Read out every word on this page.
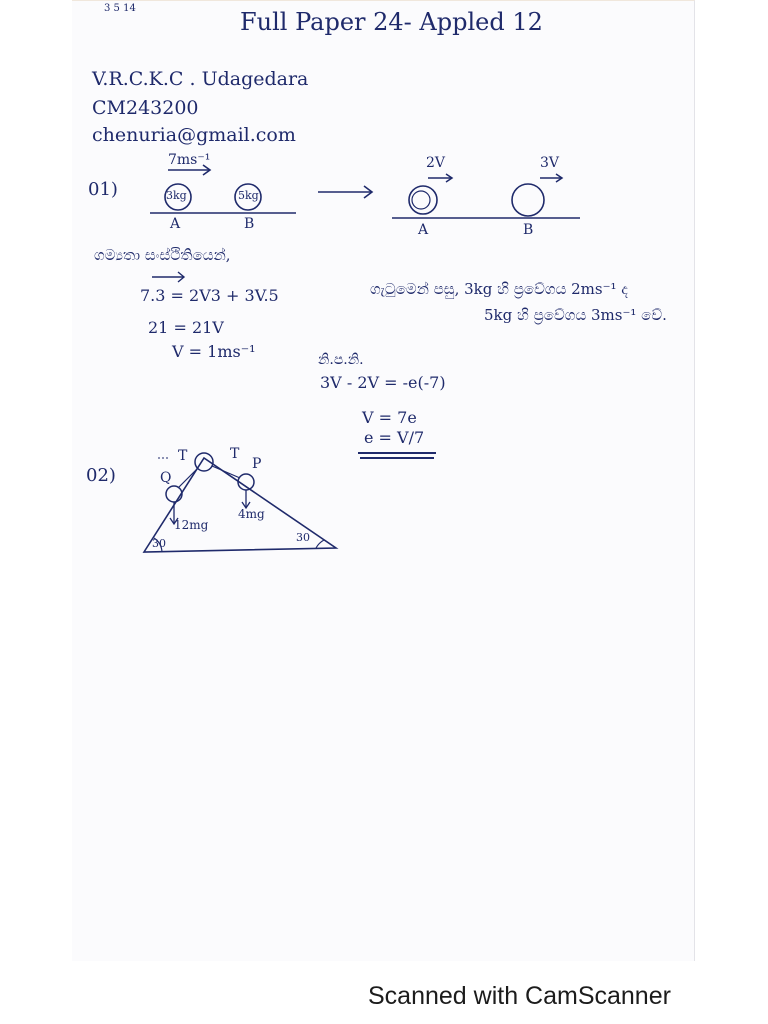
3 5 14	Full Paper 24- Appled 12
V.R.C.K.C . Udagedara
CM243200
chenuria@gmail.com
01)
7ms⁻¹
3kg	5kg
A	B
2V	3V
A	B
ගම්‍යතා සංස්ථිතියෙන්,
7.3 = 2V3 + 3V.5
21 = 21V
V = 1ms⁻¹
ගැටුමෙන් පසු, 3kg හි ප්‍රවේගය 2ms⁻¹ ද
5kg හි ප්‍රවේගය 3ms⁻¹ වේ.
නි.ප.නි.
3V - 2V = -e(-7)
V = 7e
e = V/7
02)
T	T
Q
P
12mg
4mg
30	30
Scanned with CamScanner
